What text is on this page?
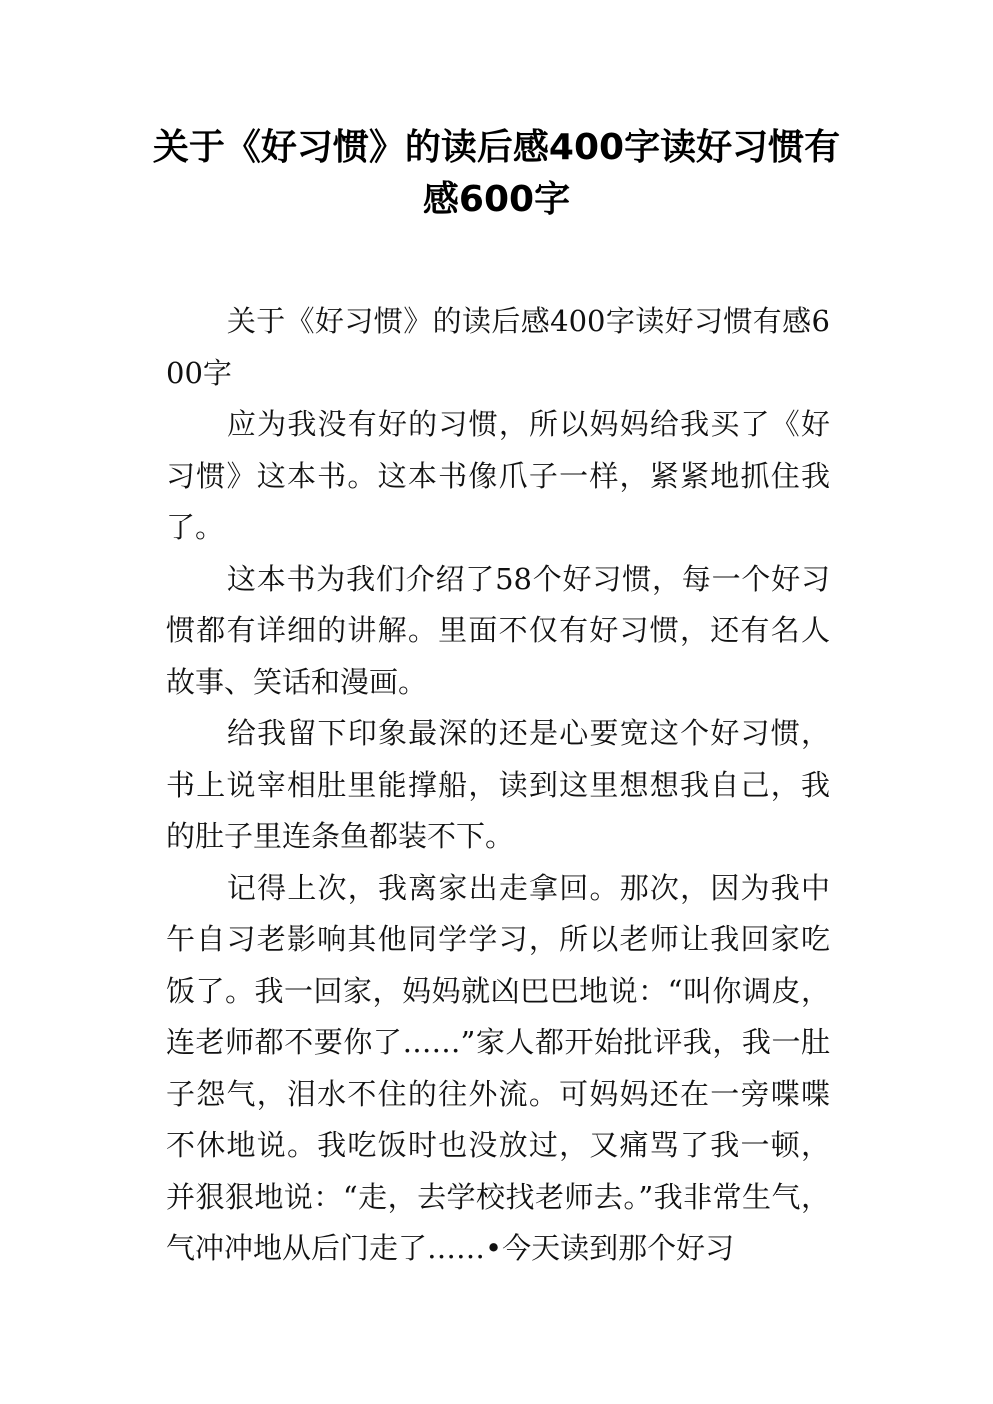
关于《好习惯》的读后感400字读好习惯有感600字

关于《好习惯》的读后感400字读好习惯有感600字

应为我没有好的习惯，所以妈妈给我买了《好习惯》这本书。这本书像爪子一样，紧紧地抓住我了。

这本书为我们介绍了58个好习惯，每一个好习惯都有详细的讲解。里面不仅有好习惯，还有名人故事、笑话和漫画。

给我留下印象最深的还是心要宽这个好习惯，书上说宰相肚里能撑船，读到这里想想我自己，我的肚子里连条鱼都装不下。

记得上次，我离家出走拿回。那次，因为我中午自习老影响其他同学学习，所以老师让我回家吃饭了。我一回家，妈妈就凶巴巴地说：“叫你调皮，连老师都不要你了……”家人都开始批评我，我一肚子怨气，泪水不住的往外流。可妈妈还在一旁喋喋不休地说。我吃饭时也没放过，又痛骂了我一顿，并狠狠地说：“走，去学校找老师去。”我非常生气，气冲冲地从后门走了……•今天读到那个好习
